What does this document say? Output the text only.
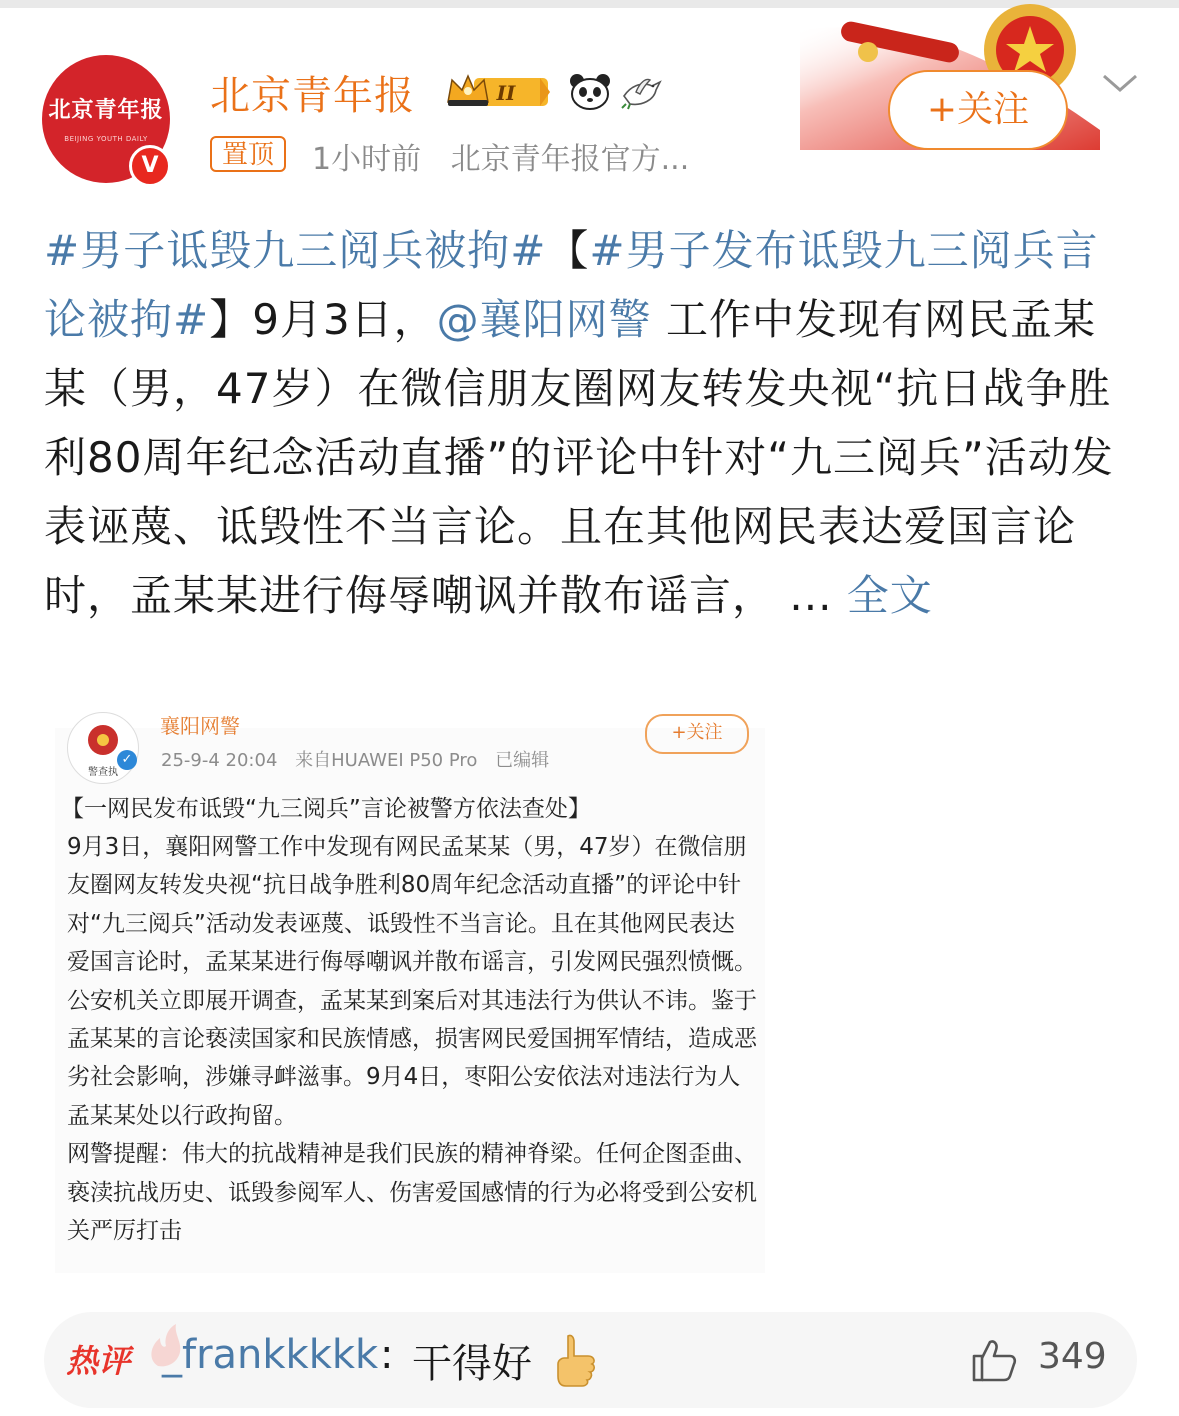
北京青年报
BEIJING YOUTH DAILY
V
北京青年报	II
置顶	1小时前 北京青年报官方...
+关注
#男子诋毁九三阅兵被拘#【#男子发布诋毁九三阅兵言论被拘#】9月3日，@襄阳网警 工作中发现有网民孟某某（男，47岁）在微信朋友圈网友转发央视“抗日战争胜利80周年纪念活动直播”的评论中针对“九三阅兵”活动发表诬蔑、诋毁性不当言论。且在其他网民表达爱国言论时，孟某某进行侮辱嘲讽并散布谣言， ... 全文
警查执
✓
襄阳网警	+关注
25-9-4 20:04 来自HUAWEI P50 Pro 已编辑
【一网民发布诋毁“九三阅兵”言论被警方依法查处】

9月3日，襄阳网警工作中发现有网民孟某某（男，47岁）在微信朋友圈网友转发央视“抗日战争胜利80周年纪念活动直播”的评论中针对“九三阅兵”活动发表诬蔑、诋毁性不当言论。且在其他网民表达爱国言论时，孟某某进行侮辱嘲讽并散布谣言，引发网民强烈愤慨。

公安机关立即展开调查，孟某某到案后对其违法行为供认不讳。鉴于孟某某的言论亵渎国家和民族情感，损害网民爱国拥军情结，造成恶劣社会影响，涉嫌寻衅滋事。9月4日，枣阳公安依法对违法行为人孟某某处以行政拘留。

网警提醒：伟大的抗战精神是我们民族的精神脊梁。任何企图歪曲、亵渎抗战历史、诋毁参阅军人、伤害爱国感情的行为必将受到公安机关严厉打击

热评 _frankkkkk : 干得好	349
